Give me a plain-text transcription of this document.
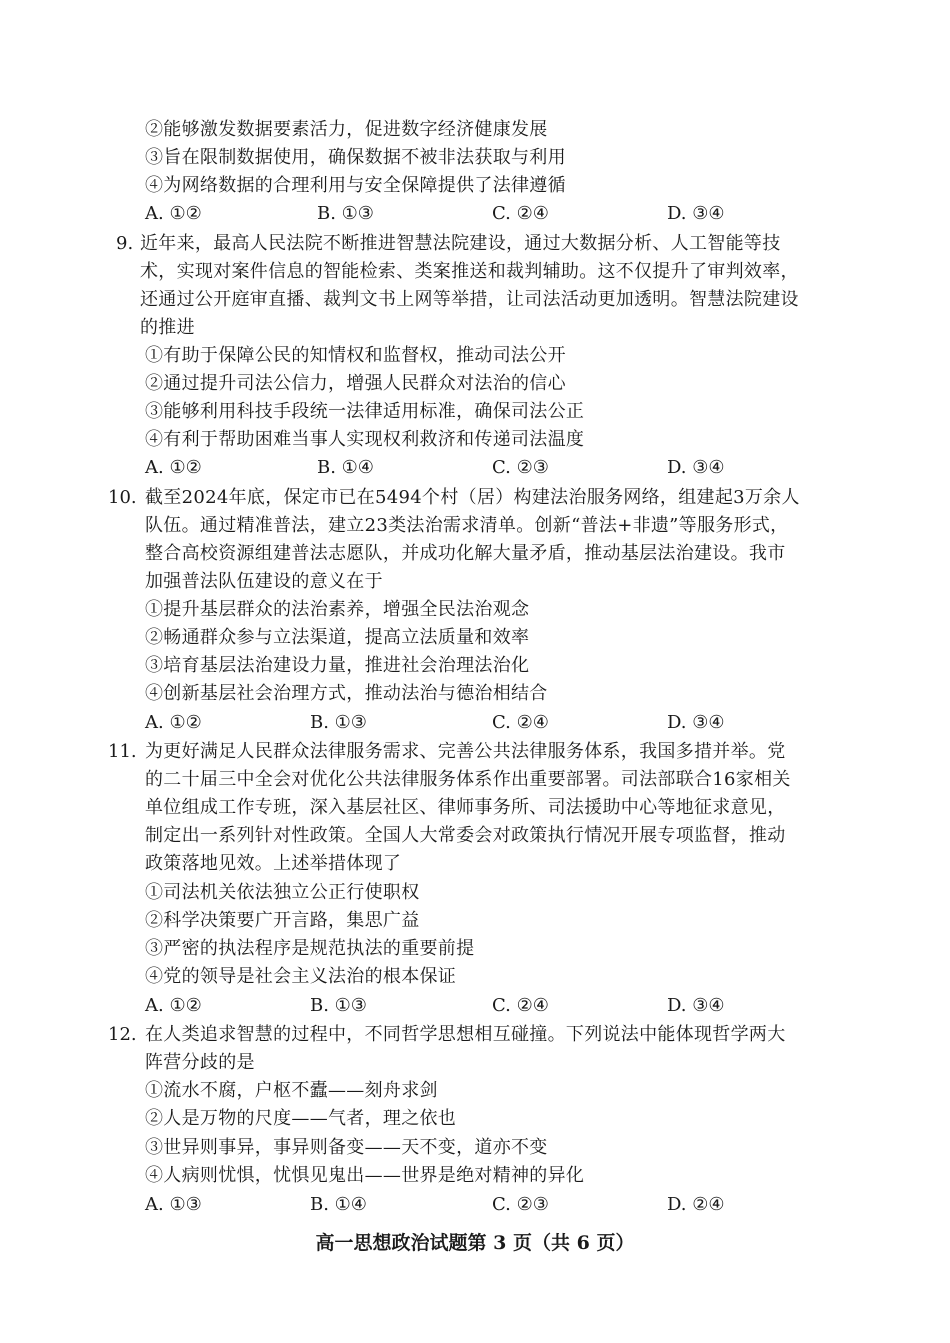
②能够激发数据要素活力，促进数字经济健康发展
③旨在限制数据使用，确保数据不被非法获取与利用
④为网络数据的合理利用与安全保障提供了法律遵循
A. ①②	B. ①③	C. ②④	D. ③④
9. 近年来，最高人民法院不断推进智慧法院建设，通过大数据分析、人工智能等技
术，实现对案件信息的智能检索、类案推送和裁判辅助。这不仅提升了审判效率，
还通过公开庭审直播、裁判文书上网等举措，让司法活动更加透明。智慧法院建设
的推进
①有助于保障公民的知情权和监督权，推动司法公开
②通过提升司法公信力，增强人民群众对法治的信心
③能够利用科技手段统一法律适用标准，确保司法公正
④有利于帮助困难当事人实现权利救济和传递司法温度
A. ①②	B. ①④	C. ②③	D. ③④
10. 截至2024年底，保定市已在5494个村（居）构建法治服务网络，组建起3万余人
队伍。通过精准普法，建立23类法治需求清单。创新“普法+非遗”等服务形式，
整合高校资源组建普法志愿队，并成功化解大量矛盾，推动基层法治建设。我市
加强普法队伍建设的意义在于
①提升基层群众的法治素养，增强全民法治观念
②畅通群众参与立法渠道，提高立法质量和效率
③培育基层法治建设力量，推进社会治理法治化
④创新基层社会治理方式，推动法治与德治相结合
A. ①②	B. ①③	C. ②④	D. ③④
11. 为更好满足人民群众法律服务需求、完善公共法律服务体系，我国多措并举。党
的二十届三中全会对优化公共法律服务体系作出重要部署。司法部联合16家相关
单位组成工作专班，深入基层社区、律师事务所、司法援助中心等地征求意见，
制定出一系列针对性政策。全国人大常委会对政策执行情况开展专项监督，推动
政策落地见效。上述举措体现了
①司法机关依法独立公正行使职权
②科学决策要广开言路，集思广益
③严密的执法程序是规范执法的重要前提
④党的领导是社会主义法治的根本保证
A. ①②	B. ①③	C. ②④	D. ③④
12. 在人类追求智慧的过程中，不同哲学思想相互碰撞。下列说法中能体现哲学两大
阵营分歧的是
①流水不腐，户枢不蠹——刻舟求剑
②人是万物的尺度——气者，理之依也
③世异则事异，事异则备变——天不变，道亦不变
④人病则忧惧，忧惧见鬼出——世界是绝对精神的异化
A. ①③	B. ①④	C. ②③	D. ②④
高一思想政治试题第 3 页（共 6 页）
